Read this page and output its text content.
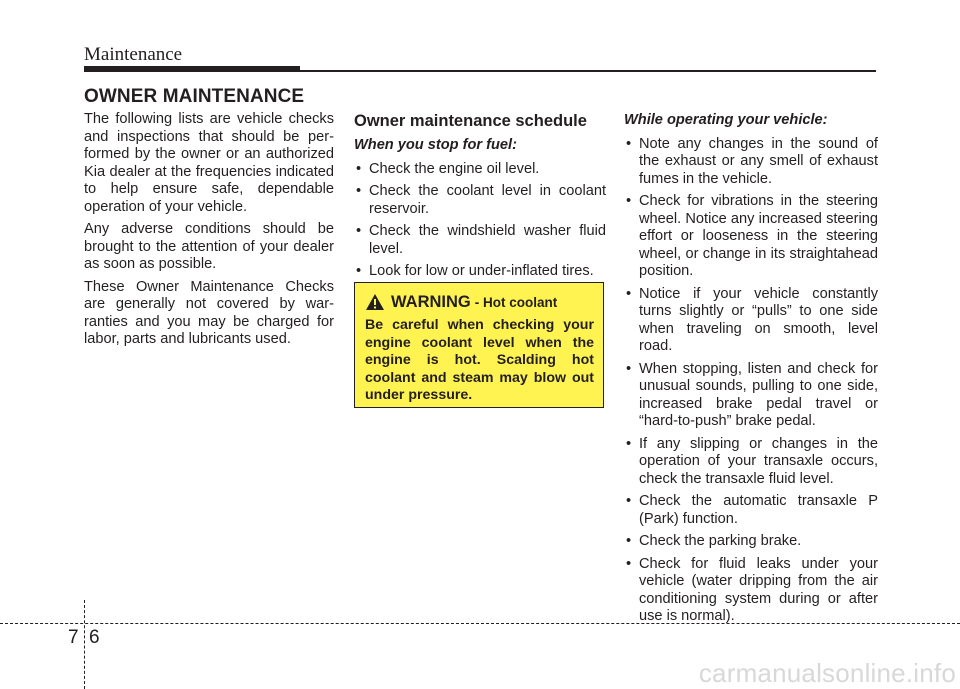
Maintenance
OWNER MAINTENANCE

The following lists are vehicle checks and inspections that should be performed by the owner or an authorized Kia dealer at the frequencies indicated to help ensure safe, dependable operation of your vehicle.

Any adverse conditions should be brought to the attention of your dealer as soon as possible.

These Owner Maintenance Checks are generally not covered by warranties and you may be charged for labor, parts and lubricants used.

Owner maintenance schedule
When you stop for fuel:
• Check the engine oil level.
• Check the coolant level in coolant reservoir.
• Check the windshield washer fluid level.
• Look for low or under-inflated tires.
WARNING - Hot coolant
Be careful when checking your engine coolant level when the engine is hot. Scalding hot coolant and steam may blow out under pressure.
While operating your vehicle:
• Note any changes in the sound of the exhaust or any smell of exhaust fumes in the vehicle.
• Check for vibrations in the steering wheel. Notice any increased steering effort or looseness in the steering wheel, or change in its straightahead position.
• Notice if your vehicle constantly turns slightly or “pulls” to one side when traveling on smooth, level road.
• When stopping, listen and check for unusual sounds, pulling to one side, increased brake pedal travel or “hard-to-push” brake pedal.
• If any slipping or changes in the operation of your transaxle occurs, check the transaxle fluid level.
• Check the automatic transaxle P (Park) function.
• Check the parking brake.
• Check for fluid leaks under your vehicle (water dripping from the air conditioning system during or after use is normal).
7 6
carmanualsonline.info
